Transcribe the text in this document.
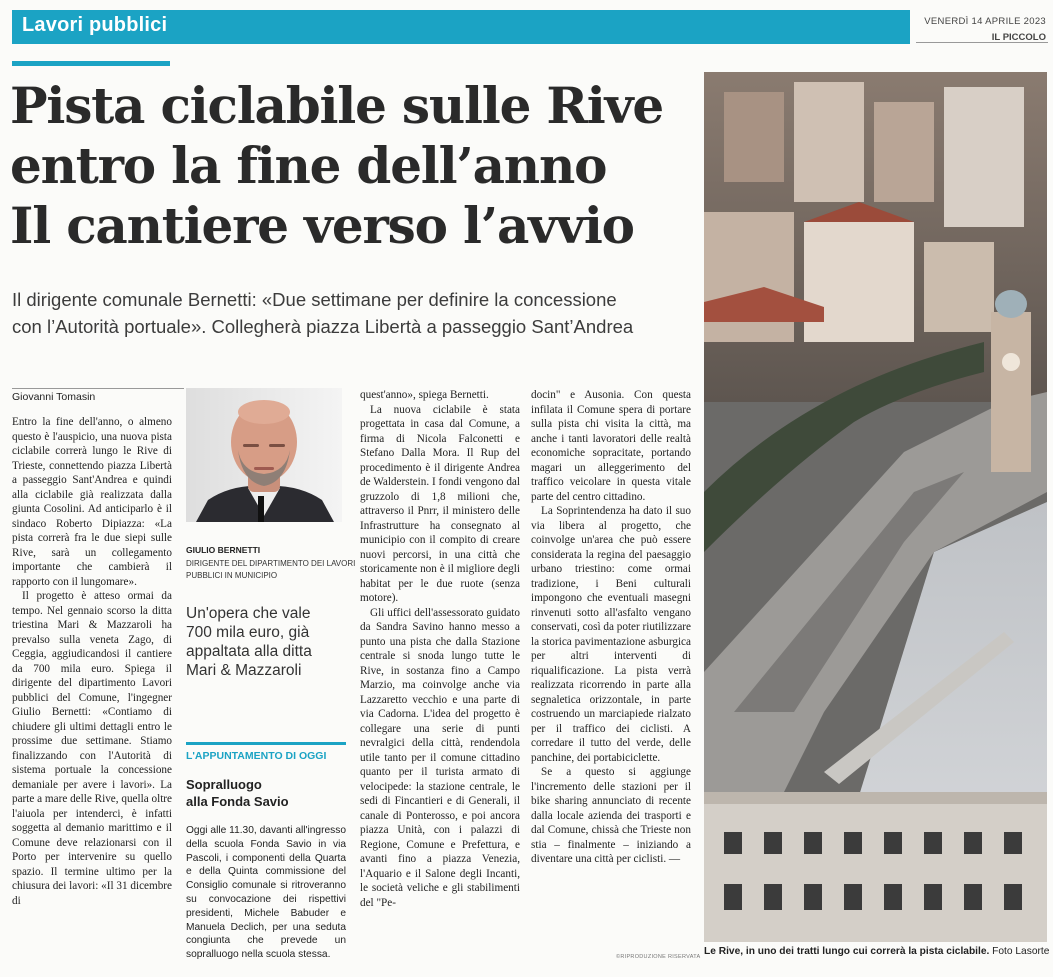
Lavori pubblici	VENERDÌ 14 APRILE 2023
IL PICCOLO
Pista ciclabile sulle Rive
entro la fine dell’anno
Il cantiere verso l’avvio
Il dirigente comunale Bernetti: «Due settimane per definire la concessione
con l’Autorità portuale». Collegherà piazza Libertà a passeggio Sant’Andrea
Giovanni Tomasin

Entro la fine dell'anno, o almeno questo è l'auspicio, una nuova pista ciclabile correrà lungo le Rive di Trieste, connettendo piazza Libertà a passeggio Sant'Andrea e quindi alla ciclabile già realizzata dalla giunta Cosolini. Ad anticiparlo è il sindaco Roberto Dipiazza: «La pista correrà fra le due siepi sulle Rive, sarà un collegamento importante che cambierà il rapporto con il lungomare».

Il progetto è atteso ormai da tempo. Nel gennaio scorso la ditta triestina Mari & Mazzaroli ha prevalso sulla veneta Zago, di Ceggia, aggiudicandosi il cantiere da 700 mila euro. Spiega il dirigente del dipartimento Lavori pubblici del Comune, l'ingegner Giulio Bernetti: «Contiamo di chiudere gli ultimi dettagli entro le prossime due settimane. Stiamo finalizzando con l'Autorità di sistema portuale la concessione demaniale per avere i lavori». La parte a mare delle Rive, quella oltre l'aiuola per intenderci, è infatti soggetta al demanio marittimo e il Comune deve relazionarsi con il Porto per intervenire su quello spazio. Il termine ultimo per la chiusura dei lavori: «Il 31 dicembre di

GIULIO BERNETTI
DIRIGENTE DEL DIPARTIMENTO DEI LAVORI PUBBLICI IN MUNICIPIO
Un'opera che vale
700 mila euro, già
appaltata alla ditta
Mari & Mazzaroli
L'APPUNTAMENTO DI OGGI
Sopralluogo
alla Fonda Savio
Oggi alle 11.30, davanti all'ingresso della scuola Fonda Savio in via Pascoli, i componenti della Quarta e della Quinta commissione del Consiglio comunale si ritroveranno su convocazione dei rispettivi presidenti, Michele Babuder e Manuela Declich, per una seduta congiunta che prevede un sopralluogo nella scuola stessa.

quest'anno», spiega Bernetti.

La nuova ciclabile è stata progettata in casa dal Comune, a firma di Nicola Falconetti e Stefano Dalla Mora. Il Rup del procedimento è il dirigente Andrea de Walderstein. I fondi vengono dal gruzzolo di 1,8 milioni che, attraverso il Pnrr, il ministero delle Infrastrutture ha consegnato al municipio con il compito di creare nuovi percorsi, in una città che storicamente non è il migliore degli habitat per le due ruote (senza motore).

Gli uffici dell'assessorato guidato da Sandra Savino hanno messo a punto una pista che dalla Stazione centrale si snoda lungo tutte le Rive, in sostanza fino a Campo Marzio, ma coinvolge anche via Lazzaretto vecchio e una parte di via Cadorna. L'idea del progetto è collegare una serie di punti nevralgici della città, rendendola utile tanto per il comune cittadino quanto per il turista armato di velocipede: la stazione centrale, le sedi di Fincantieri e di Generali, il canale di Ponterosso, e poi ancora piazza Unità, con i palazzi di Regione, Comune e Prefettura, e avanti fino a piazza Venezia, l'Aquario e il Salone degli Incanti, le società veliche e gli stabilimenti del "Pe-

docin" e Ausonia. Con questa infilata il Comune spera di portare sulla pista chi visita la città, ma anche i tanti lavoratori delle realtà economiche sopracitate, portando magari un alleggerimento del traffico veicolare in questa vitale parte del centro cittadino.

La Soprintendenza ha dato il suo via libera al progetto, che coinvolge un'area che può essere considerata la regina del paesaggio urbano triestino: come ormai tradizione, i Beni culturali impongono che eventuali masegni rinvenuti sotto all'asfalto vengano conservati, così da poter riutilizzare la storica pavimentazione asburgica per altri interventi di riqualificazione. La pista verrà realizzata ricorrendo in parte alla segnaletica orizzontale, in parte costruendo un marciapiede rialzato per il traffico dei ciclisti. A corredare il tutto del verde, delle panchine, dei portabiciclette.

Se a questo si aggiunge l'incremento delle stazioni per il bike sharing annunciato di recente dalla locale azienda dei trasporti e dal Comune, chissà che Trieste non stia – finalmente – iniziando a diventare una città per ciclisti. —

©RIPRODUZIONE RISERVATA Le Rive, in uno dei tratti lungo cui correrà la pista ciclabile. Foto Lasorte
